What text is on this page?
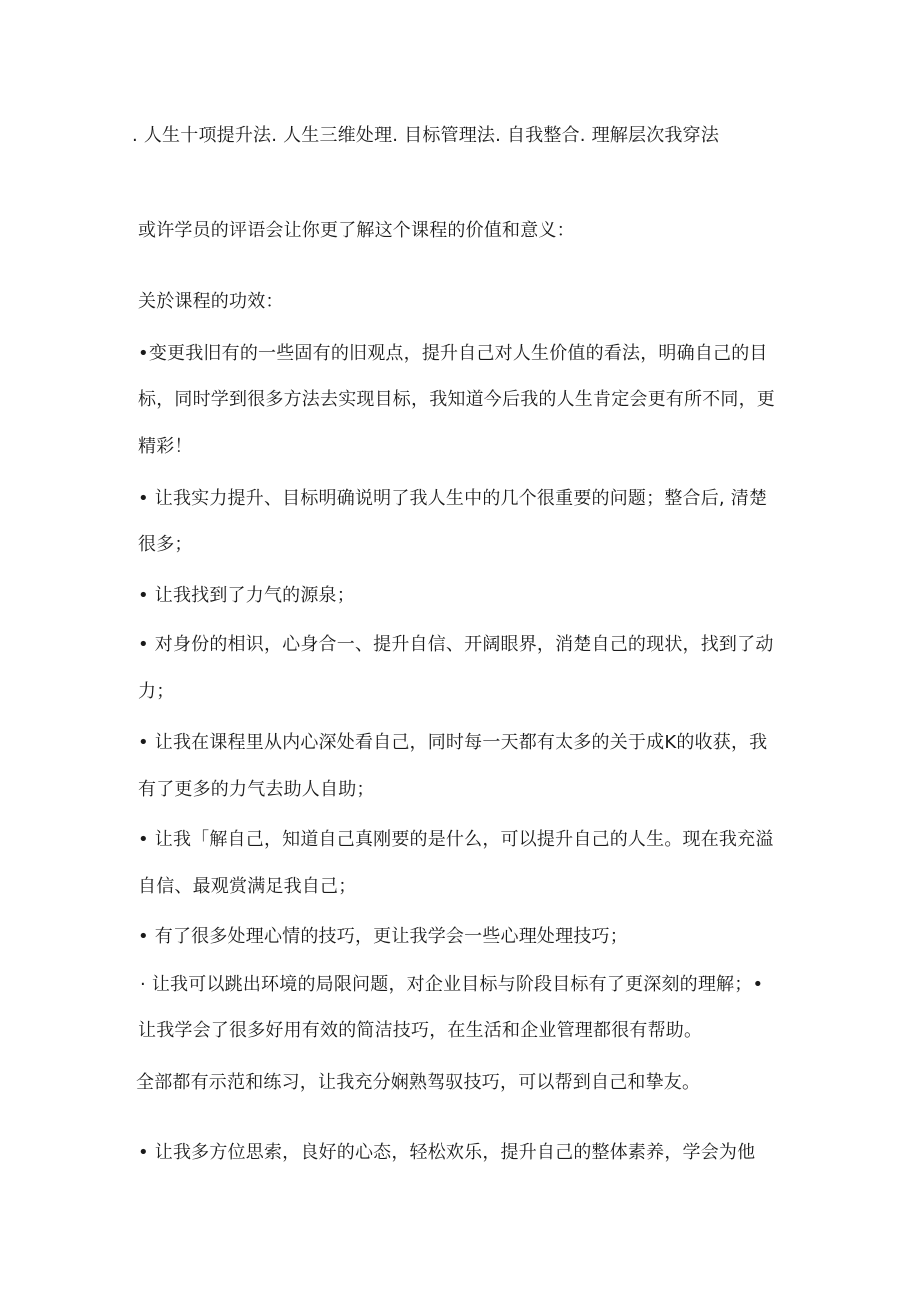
. 人生十项提升法. 人生三维处理. 目标管理法. 自我整合. 理解层次我穿法
或许学员的评语会让你更了解这个课程的价值和意义：
关於课程的功效：
•变更我旧有的一些固有的旧观点，提升自己对人生价值的看法，明确自己的目
标，同时学到很多方法去实现目标，我知道今后我的人生肯定会更有所不同，更
精彩！
• 让我实力提升、目标明确说明了我人生中的几个很重要的问题；整合后, 清楚
很多；
• 让我找到了力气的源泉；
• 对身份的相识，心身合一、提升自信、开阔眼界，消楚自己的现状，找到了动
力；
• 让我在课程里从内心深处看自己，同时每一天都有太多的关于成K的收获，我
有了更多的力气去助人自助；
• 让我「解自己，知道自己真刚要的是什么，可以提升自己的人生。现在我充溢
自信、最观赏满足我自己；
• 有了很多处理心情的技巧，更让我学会一些心理处理技巧；
· 让我可以跳出环境的局限问题，对企业目标与阶段目标有了更深刻的理解；•
让我学会了很多好用有效的简洁技巧，在生活和企业管理都很有帮助。
全部都有示范和练习，让我充分娴熟驾驭技巧，可以帮到自己和挚友。
• 让我多方位思索，良好的心态，轻松欢乐，提升自己的整体素养，学会为他
